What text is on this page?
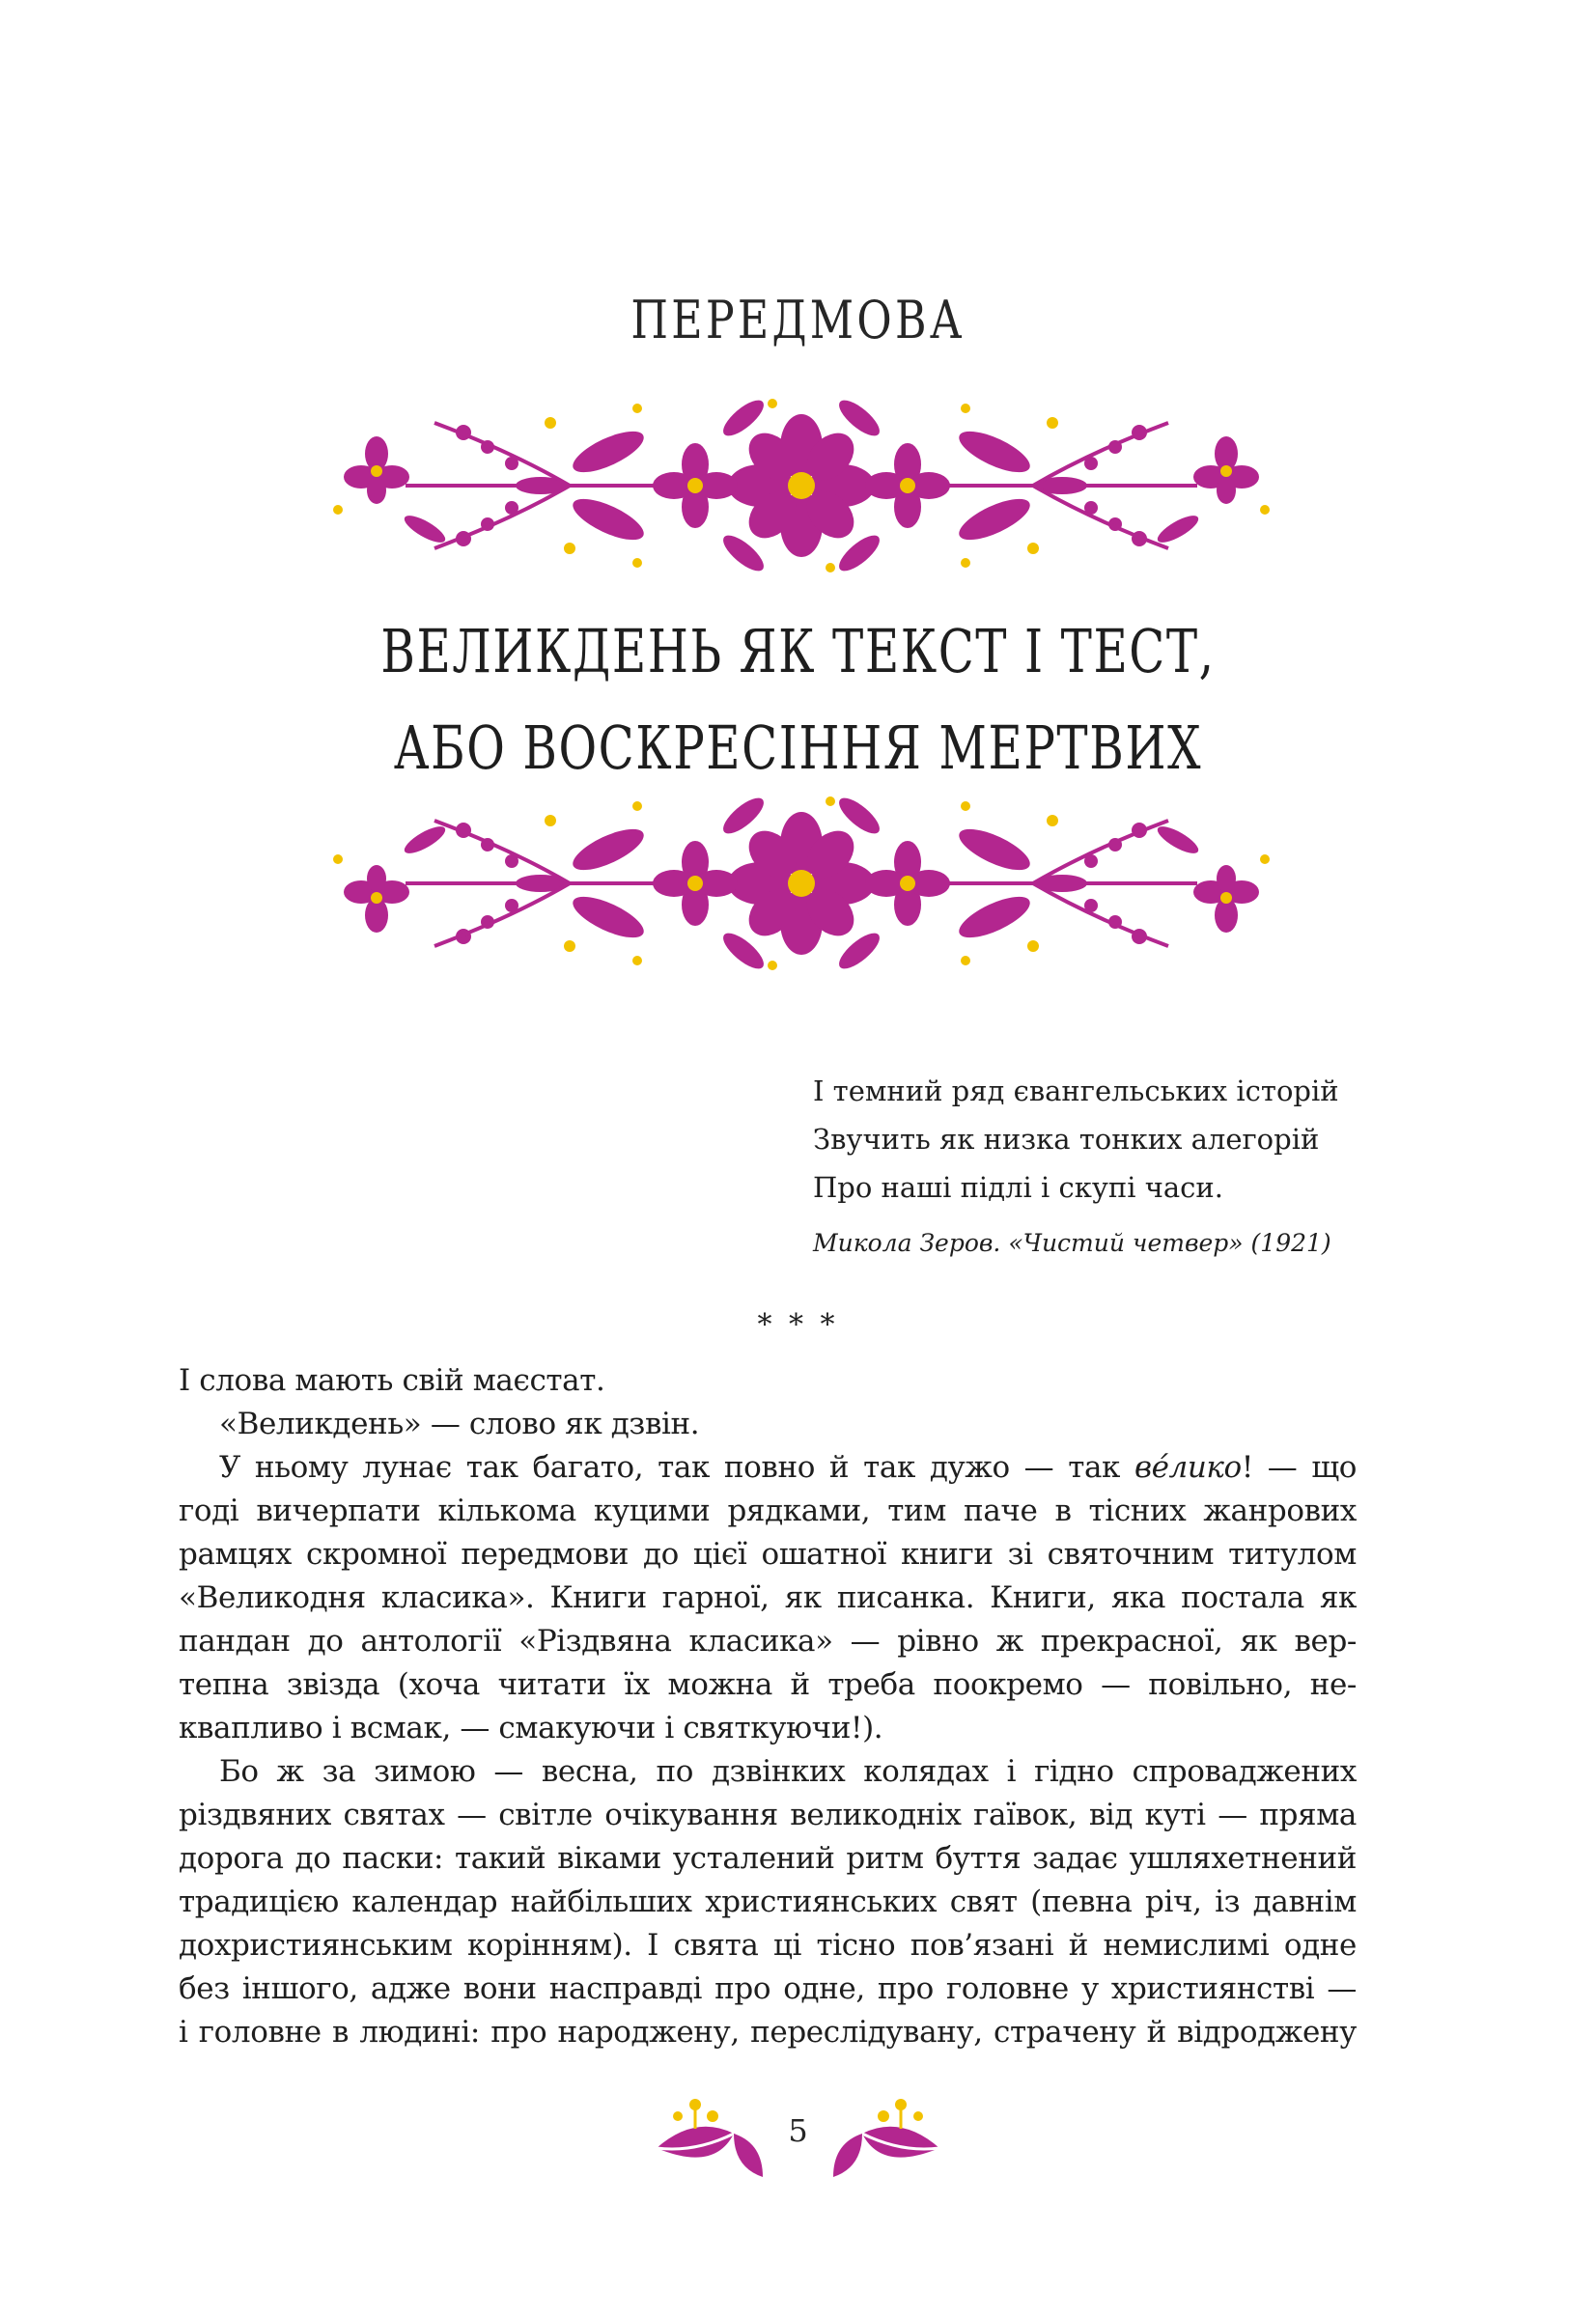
ПЕРЕДМОВА
ВЕЛИКДЕНЬ ЯК ТЕКСТ І ТЕСТ,
АБО ВОСКРЕСІННЯ МЕРТВИХ
І темний ряд євангельських історій
Звучить як низка тонких алегорій
Про наші підлі і скупі часи.
Микола Зеров. «Чистий четвер» (1921)
* * *
І слова мають свій маєстат.
«Великдень» — слово як дзвін.
У ньому лунає так багато, так повно й так дужо — так вéлико! — що
годі вичерпати кількома куцими рядками, тим паче в тісних жанрових
рамцях скромної передмови до цієї ошатної книги зі святочним титулом
«Великодня класика». Книги гарної, як писанка. Книги, яка постала як
пандан до антології «Різдвяна класика» — рівно ж прекрасної, як вер-
тепна звізда (хоча читати їх можна й треба поокремо — повільно, не-
квапливо і всмак, — смакуючи і святкуючи!).
Бо ж за зимою — весна, по дзвінких колядах і гідно спроваджених
різдвяних святах — світле очікування великодніх гаївок, від куті — пряма
дорога до паски: такий віками усталений ритм буття задає ушляхетнений
традицією календар найбільших християнських свят (певна річ, із давнім
дохристиянським корінням). І свята ці тісно пов’язані й немислимі одне
без іншого, адже вони насправді про одне, про головне у християнстві —
і головне в людині: про народжену, переслідувану, страчену й відроджену
5
